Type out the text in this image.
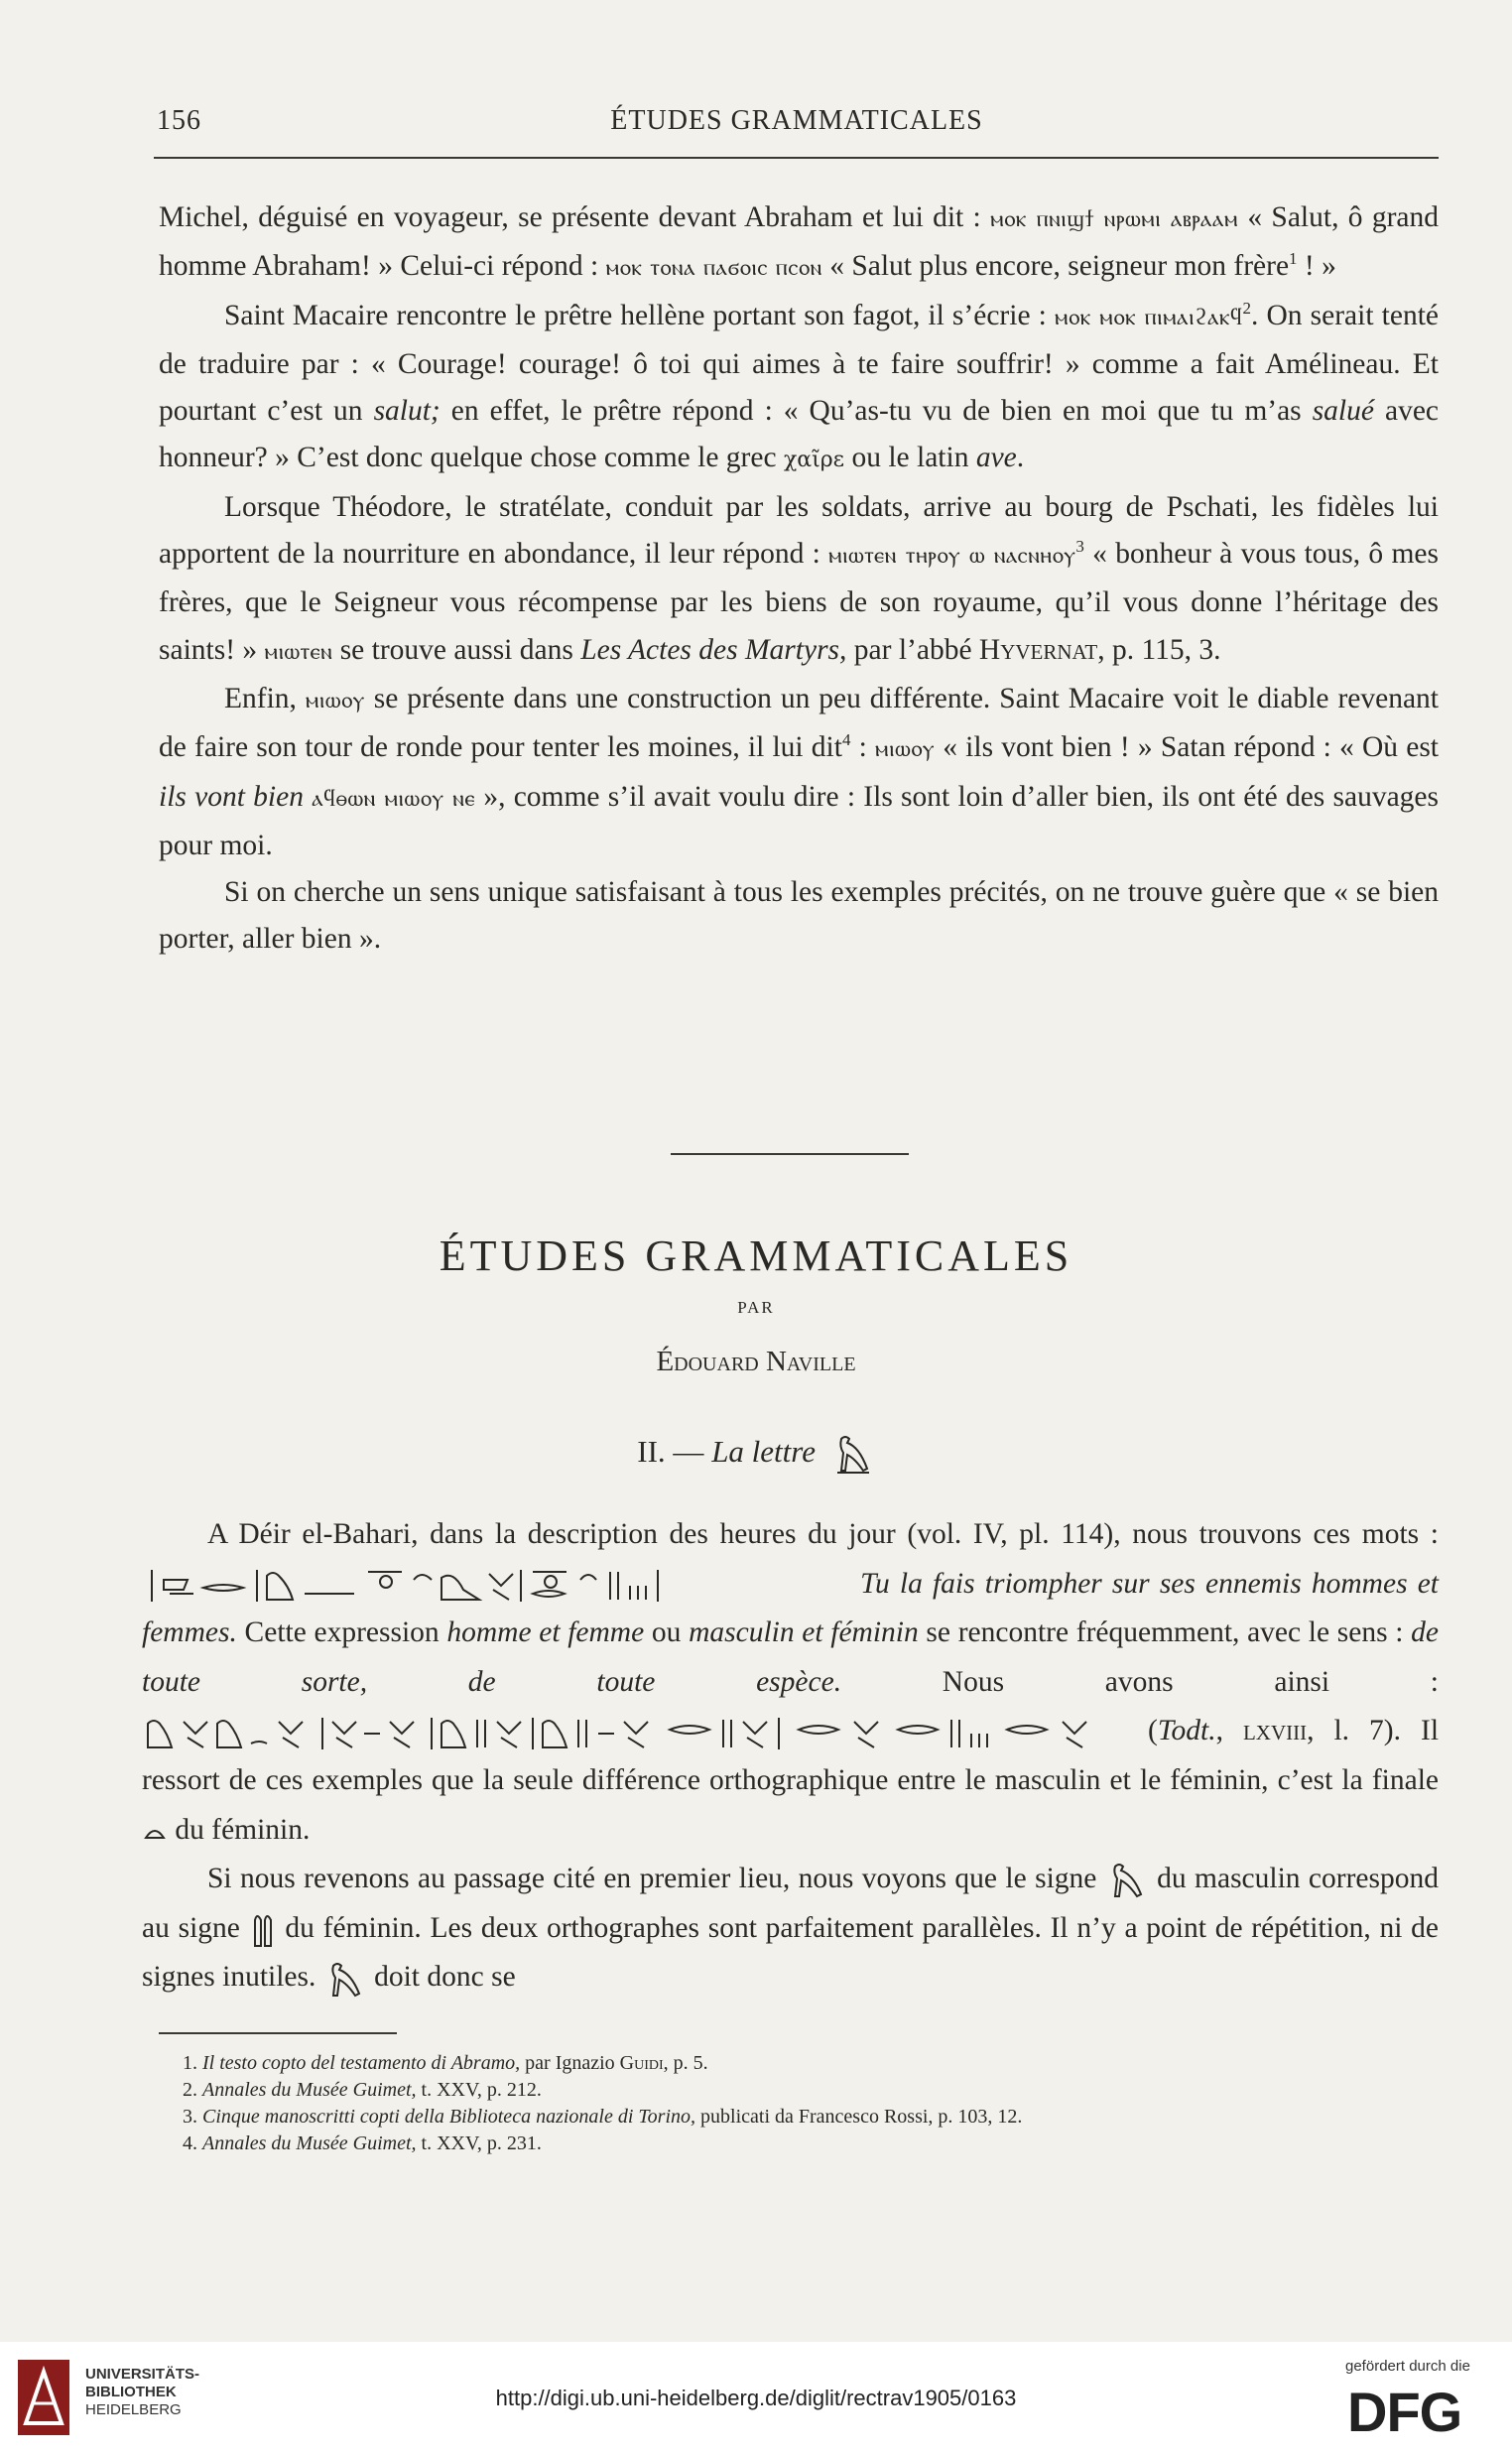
156	ÉTUDES GRAMMATICALES

Michel, déguisé en voyageur, se présente devant Abraham et lui dit : ⲙⲟⲕ ⲡⲛⲓϣϯ ⲛⲣⲱⲙⲓ ⲁⲃⲣⲁⲁⲙ « Salut, ô grand homme Abraham! » Celui-ci répond : ⲙⲟⲕ ⲧⲟⲛⲁ ⲡⲁϭⲟⲓⲥ ⲡⲥⲟⲛ « Salut plus encore, seigneur mon frère$^1$ ! »

Saint Macaire rencontre le prêtre hellène portant son fagot, il s’écrie : ⲙⲟⲕ ⲙⲟⲕ ⲡⲓⲙⲁⲓϩⲁⲕϥ$^2$. On serait tenté de traduire par : « Courage! courage! ô toi qui aimes à te faire souffrir! » comme a fait Amélineau. Et pourtant c’est un salut; en effet, le prêtre répond : « Qu’as-tu vu de bien en moi que tu m’as salué avec honneur? » C’est donc quelque chose comme le grec χαῖρε ou le latin ave.

Lorsque Théodore, le stratélate, conduit par les soldats, arrive au bourg de Pschati, les fidèles lui apportent de la nourriture en abondance, il leur répond : ⲙⲓⲱⲧⲉⲛ ⲧⲏⲣⲟⲩ ⲱ ⲛⲁⲥⲛⲏⲟⲩ$^3$ « bonheur à vous tous, ô mes frères, que le Seigneur vous récompense par les biens de son royaume, qu’il vous donne l’héritage des saints! » ⲙⲓⲱⲧⲉⲛ se trouve aussi dans Les Actes des Martyrs, par l’abbé Hyvernat, p. 115, 3.

Enfin, ⲙⲓⲱⲟⲩ se présente dans une construction un peu différente. Saint Macaire voit le diable revenant de faire son tour de ronde pour tenter les moines, il lui dit$^4$ : ⲙⲓⲱⲟⲩ « ils vont bien ! » Satan répond : « Où est ils vont bien ⲁϥⲑⲱⲛ ⲙⲓⲱⲟⲩ ⲛⲉ », comme s’il avait voulu dire : Ils sont loin d’aller bien, ils ont été des sauvages pour moi.

Si on cherche un sens unique satisfaisant à tous les exemples précités, on ne trouve guère que « se bien porter, aller bien ».

ÉTUDES GRAMMATICALES
PAR
Édouard Naville
II. — La lettre

A Déir el-Bahari, dans la description des heures du jour (vol. IV, pl. 114), nous trouvons ces mots :
Tu la fais triompher sur ses ennemis hommes et femmes. Cette expression homme et femme ou masculin et féminin se rencontre fréquemment, avec le sens : de toute sorte, de toute espèce. Nous avons ainsi :
(Todt., lxviii, l. 7). Il ressort de ces exemples que la seule différence orthographique entre le masculin et le féminin, c’est la finale
du féminin.

Si nous revenons au passage cité en premier lieu, nous voyons que le signe
du masculin correspond au signe
du féminin. Les deux orthographes sont parfaitement parallèles. Il n’y a point de répétition, ni de signes inutiles.
doit donc se

1. Il testo copto del testamento di Abramo, par Ignazio Guidi, p. 5.
2. Annales du Musée Guimet, t. XXV, p. 212.
3. Cinque manoscritti copti della Biblioteca nazionale di Torino, publicati da Francesco Rossi, p. 103, 12.
4. Annales du Musée Guimet, t. XXV, p. 231.
UNIVERSITÄTS-
BIBLIOTHEK
HEIDELBERG	http://digi.ub.uni-heidelberg.de/diglit/rectrav1905/0163
gefördert durch die
DFG
